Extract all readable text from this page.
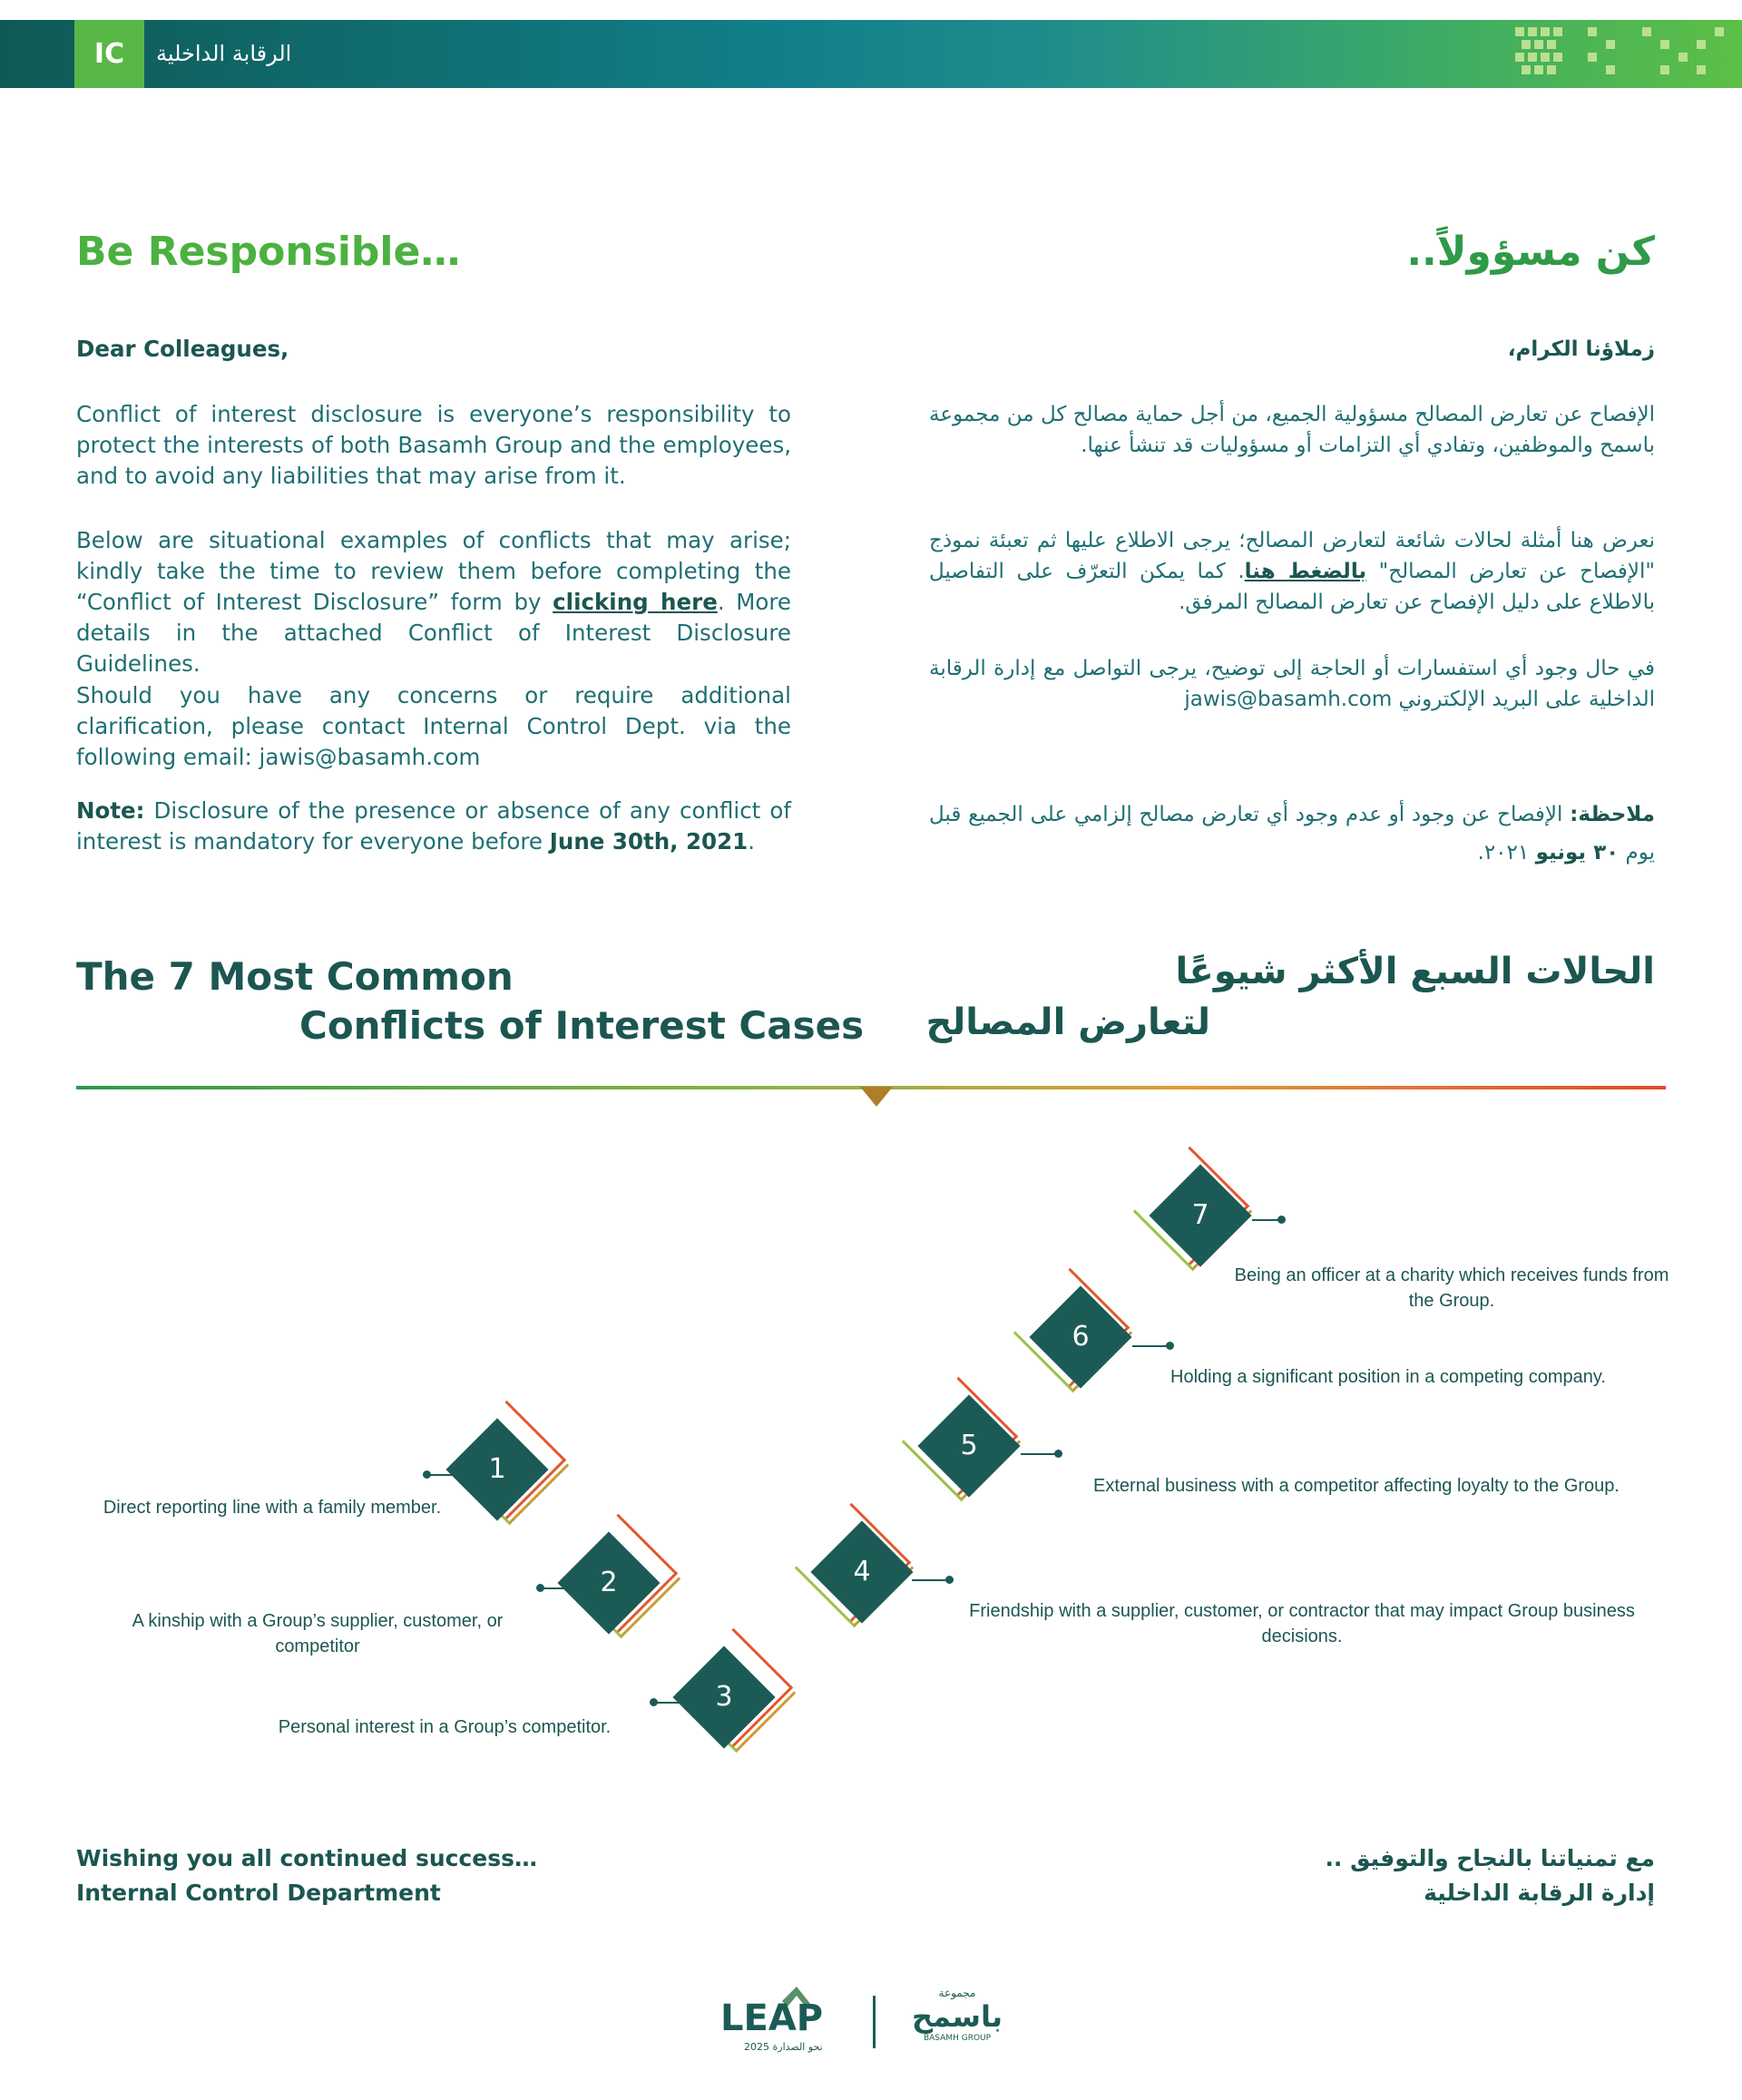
IC	الرقابة الداخلية
Be Responsible…	كن مسؤولاً..
Dear Colleagues,	زملاؤنا الكرام،
Conflict of interest disclosure is everyone’s responsibility to protect the interests of both Basamh Group and the employees, and to avoid any liabilities that may arise from it.
Below are situational examples of conflicts that may arise; kindly take the time to review them before completing the “Conflict of Interest Disclosure” form by clicking here. More details in the attached Conflict of Interest Disclosure Guidelines.
Should you have any concerns or require additional clarification, please contact Internal Control Dept. via the following email: jawis@basamh.com
Note: Disclosure of the presence or absence of any conflict of interest is mandatory for everyone before June 30th, 2021.
الإفصاح عن تعارض المصالح مسؤولية الجميع، من أجل حماية مصالح كل من مجموعة باسمح والموظفين، وتفادي أي التزامات أو مسؤوليات قد تنشأ عنها.
نعرض هنا أمثلة لحالات شائعة لتعارض المصالح؛ يرجى الاطلاع عليها ثم تعبئة نموذج "الإفصاح عن تعارض المصالح" بالضغط هنا. كما يمكن التعرّف على التفاصيل بالاطلاع على دليل الإفصاح عن تعارض المصالح المرفق.
في حال وجود أي استفسارات أو الحاجة إلى توضيح، يرجى التواصل مع إدارة الرقابة الداخلية على البريد الإلكتروني jawis@basamh.com
ملاحظة: الإفصاح عن وجود أو عدم وجود أي تعارض مصالح إلزامي على الجميع قبل يوم ٣٠ يونيو ٢٠٢١.
The 7 Most Common
Conflicts of Interest Cases
الحالات السبع الأكثر شيوعًا
لتعارض المصالح
7
Being an officer at a charity which receives funds from the Group.
6
Holding a significant position in a competing company.
5
External business with a competitor affecting loyalty to the Group.
4
Friendship with a supplier, customer, or contractor that may impact Group business decisions.
1
Direct reporting line with a family member.
2
A kinship with a Group’s supplier, customer, or competitor
3
Personal interest in a Group’s competitor.
Wishing you all continued success…
Internal Control Department
مع تمنياتنا بالنجاح والتوفيق ..
إدارة الرقابة الداخلية
LEAP
نحو الصدارة 2025
مجموعة
باسمح
BASAMH GROUP
